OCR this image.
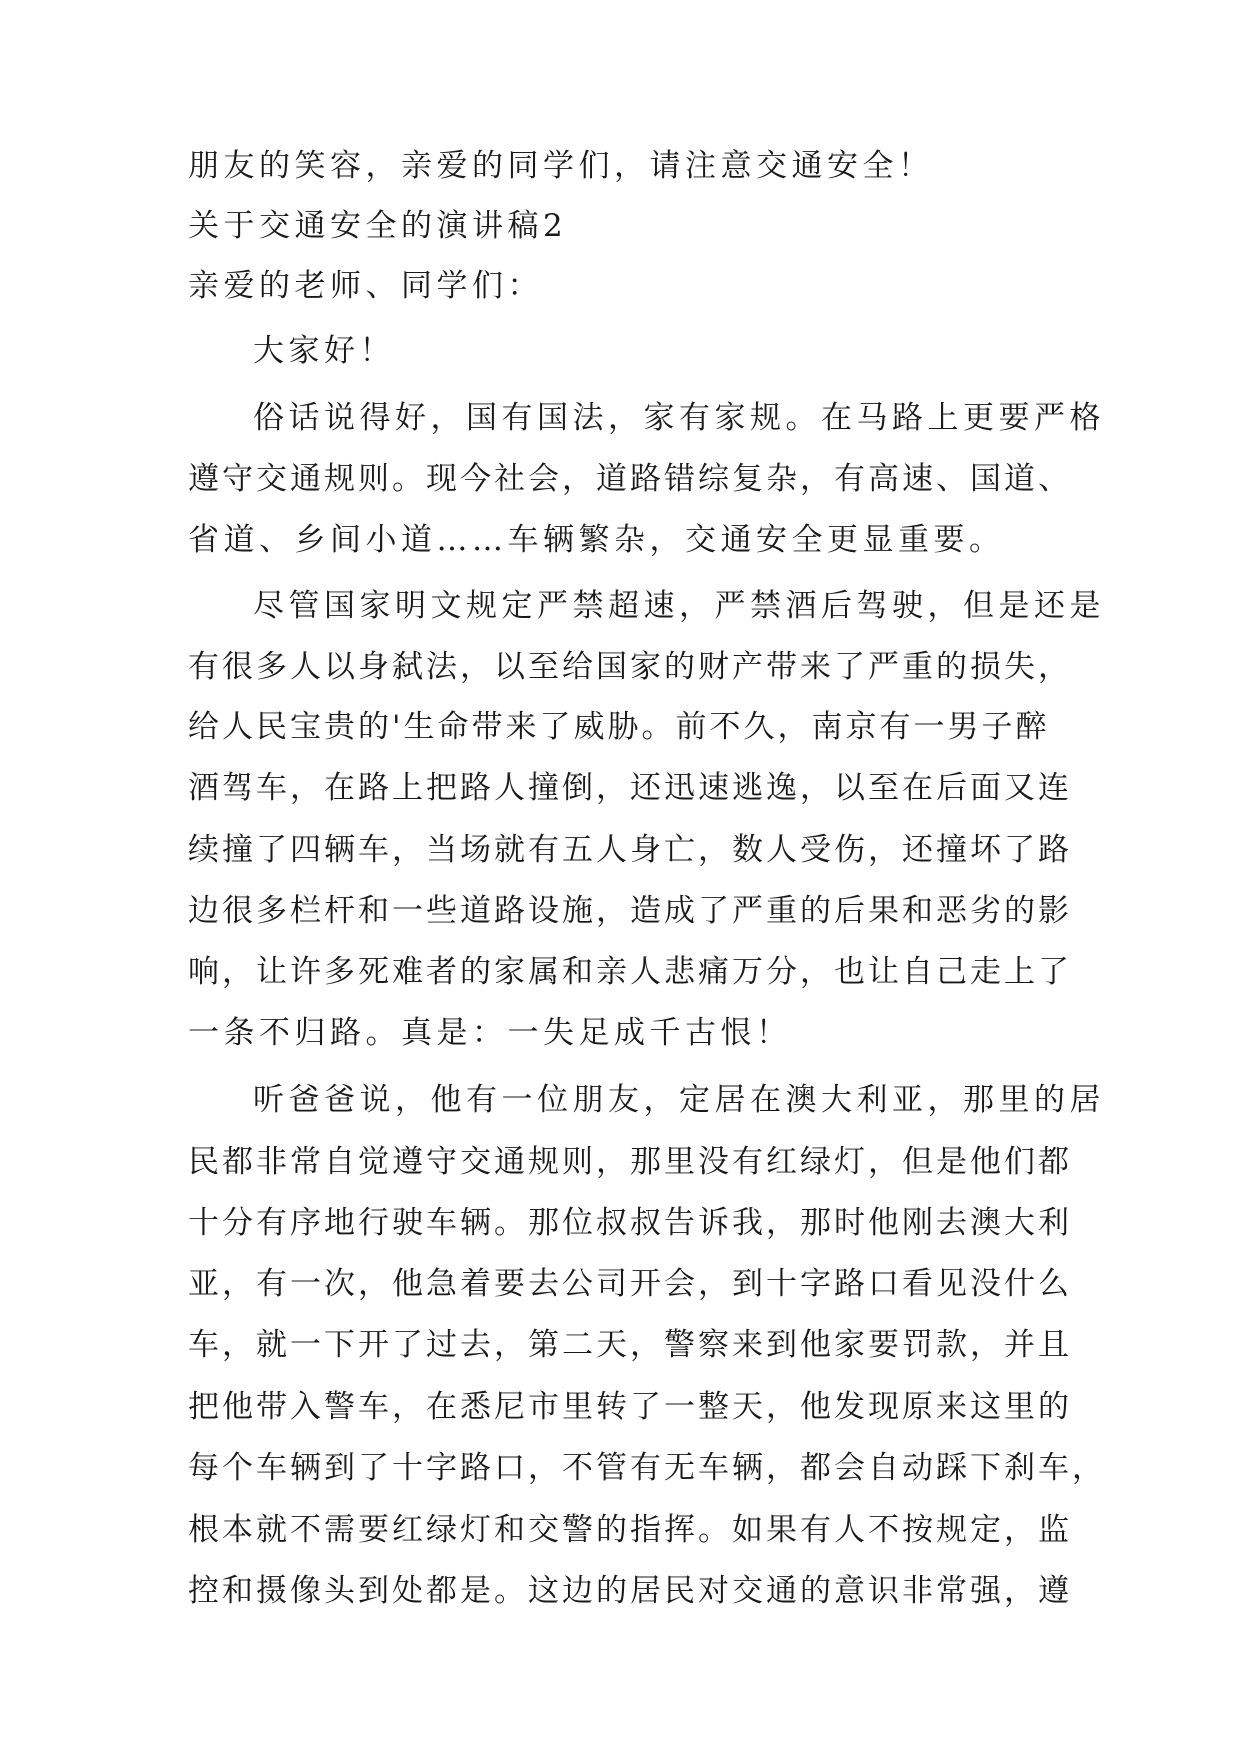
朋友的笑容，亲爱的同学们，请注意交通安全！
关于交通安全的演讲稿2
亲爱的老师、同学们：
大家好！
俗话说得好，国有国法，家有家规。在马路上更要严格
遵守交通规则。现今社会，道路错综复杂，有高速、国道、
省道、乡间小道……车辆繁杂，交通安全更显重要。
尽管国家明文规定严禁超速，严禁酒后驾驶，但是还是
有很多人以身弑法，以至给国家的财产带来了严重的损失，
给人民宝贵的'生命带来了威胁。前不久，南京有一男子醉
酒驾车，在路上把路人撞倒，还迅速逃逸，以至在后面又连
续撞了四辆车，当场就有五人身亡，数人受伤，还撞坏了路
边很多栏杆和一些道路设施，造成了严重的后果和恶劣的影
响，让许多死难者的家属和亲人悲痛万分，也让自己走上了
一条不归路。真是：一失足成千古恨！
听爸爸说，他有一位朋友，定居在澳大利亚，那里的居
民都非常自觉遵守交通规则，那里没有红绿灯，但是他们都
十分有序地行驶车辆。那位叔叔告诉我，那时他刚去澳大利
亚，有一次，他急着要去公司开会，到十字路口看见没什么
车，就一下开了过去，第二天，警察来到他家要罚款，并且
把他带入警车，在悉尼市里转了一整天，他发现原来这里的
每个车辆到了十字路口，不管有无车辆，都会自动踩下刹车，
根本就不需要红绿灯和交警的指挥。如果有人不按规定，监
控和摄像头到处都是。这边的居民对交通的意识非常强，遵
